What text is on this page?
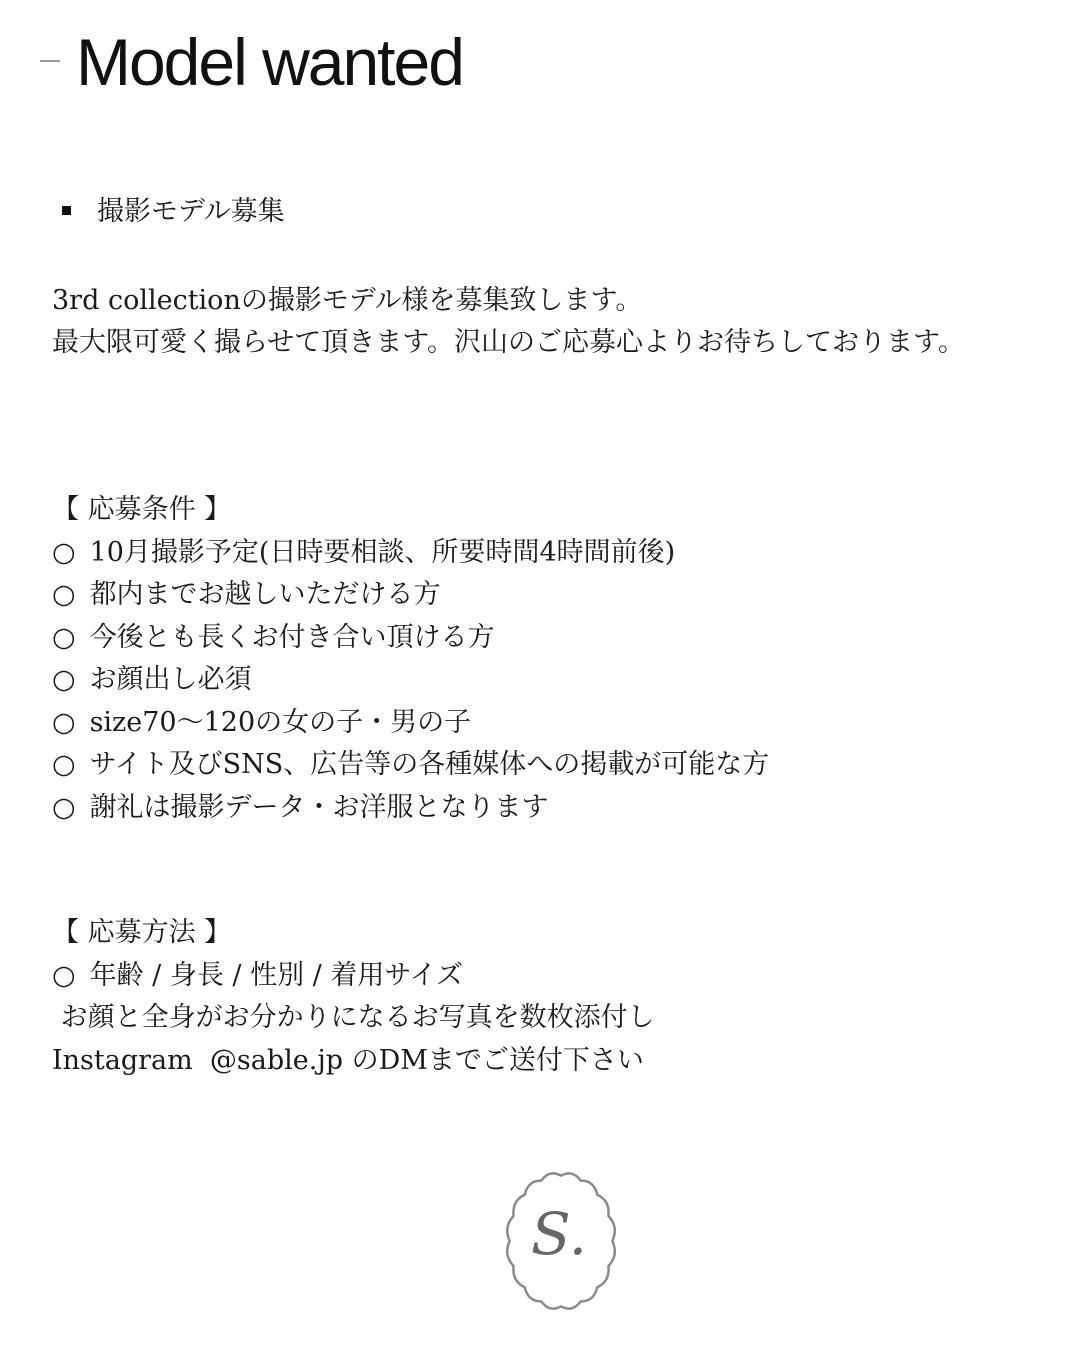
Model wanted
撮影モデル募集
3rd collectionの撮影モデル様を募集致します。
最大限可愛く撮らせて頂きます。沢山のご応募心よりお待ちしております。
【 応募条件 】
○ 10月撮影予定(日時要相談、所要時間4時間前後)
○ 都内までお越しいただける方
○ 今後とも長くお付き合い頂ける方
○ お顔出し必須
○ size70〜120の女の子・男の子
○ サイト及びSNS、広告等の各種媒体への掲載が可能な方
○ 謝礼は撮影データ・お洋服となります
【 応募方法 】
○ 年齢 / 身長 / 性別 / 着用サイズ
お顔と全身がお分かりになるお写真を数枚添付し
Instagram  @sable.jp のDMまでご送付下さい
S.
